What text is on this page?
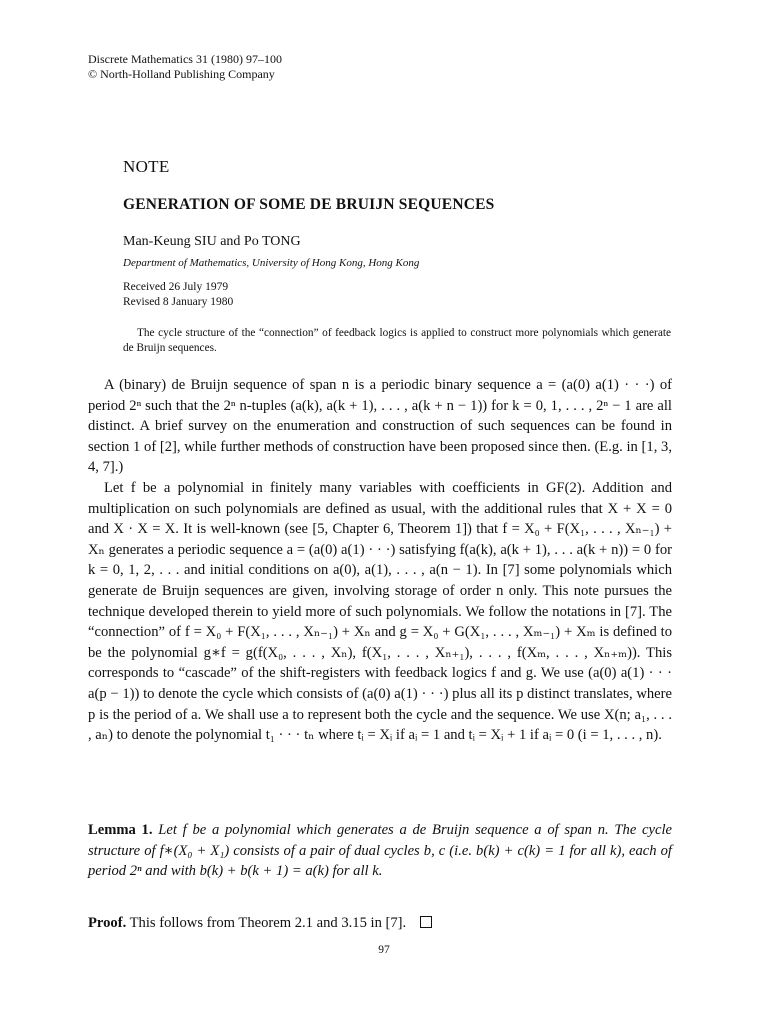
Discrete Mathematics 31 (1980) 97–100
© North-Holland Publishing Company
NOTE
GENERATION OF SOME DE BRUIJN SEQUENCES
Man-Keung SIU and Po TONG
Department of Mathematics, University of Hong Kong, Hong Kong
Received 26 July 1979
Revised 8 January 1980
The cycle structure of the “connection” of feedback logics is applied to construct more polynomials which generate de Bruijn sequences.

A (binary) de Bruijn sequence of span n is a periodic binary sequence a = (a(0) a(1) · · ·) of period 2ⁿ such that the 2ⁿ n-tuples (a(k), a(k + 1), . . . , a(k + n − 1)) for k = 0, 1, . . . , 2ⁿ − 1 are all distinct. A brief survey on the enumeration and construction of such sequences can be found in section 1 of [2], while further methods of construction have been proposed since then. (E.g. in [1, 3, 4, 7].)

Let f be a polynomial in finitely many variables with coefficients in GF(2). Addition and multiplication on such polynomials are defined as usual, with the additional rules that X + X = 0 and X · X = X. It is well-known (see [5, Chapter 6, Theorem 1]) that f = X₀ + F(X₁, . . . , Xₙ₋₁) + Xₙ generates a periodic sequence a = (a(0) a(1) · · ·) satisfying f(a(k), a(k + 1), . . . a(k + n)) = 0 for k = 0, 1, 2, . . . and initial conditions on a(0), a(1), . . . , a(n − 1). In [7] some polynomials which generate de Bruijn sequences are given, involving storage of order n only. This note pursues the technique developed therein to yield more of such polynomials. We follow the notations in [7]. The “connection” of f = X₀ + F(X₁, . . . , Xₙ₋₁) + Xₙ and g = X₀ + G(X₁, . . . , Xₘ₋₁) + Xₘ is defined to be the polynomial g∗f = g(f(X₀, . . . , Xₙ), f(X₁, . . . , Xₙ₊₁), . . . , f(Xₘ, . . . , Xₙ₊ₘ)). This corresponds to “cascade” of the shift-registers with feedback logics f and g. We use (a(0) a(1) · · · a(p − 1)) to denote the cycle which consists of (a(0) a(1) · · ·) plus all its p distinct translates, where p is the period of a. We shall use a to represent both the cycle and the sequence. We use X(n; a₁, . . . , aₙ) to denote the polynomial t₁ · · · tₙ where tᵢ = Xᵢ if aᵢ = 1 and tᵢ = Xᵢ + 1 if aᵢ = 0 (i = 1, . . . , n).

Lemma 1. Let f be a polynomial which generates a de Bruijn sequence a of span n. The cycle structure of f∗(X₀ + X₁) consists of a pair of dual cycles b, c (i.e. b(k) + c(k) = 1 for all k), each of period 2ⁿ and with b(k) + b(k + 1) = a(k) for all k.
Proof. This follows from Theorem 2.1 and 3.15 in [7].
97
